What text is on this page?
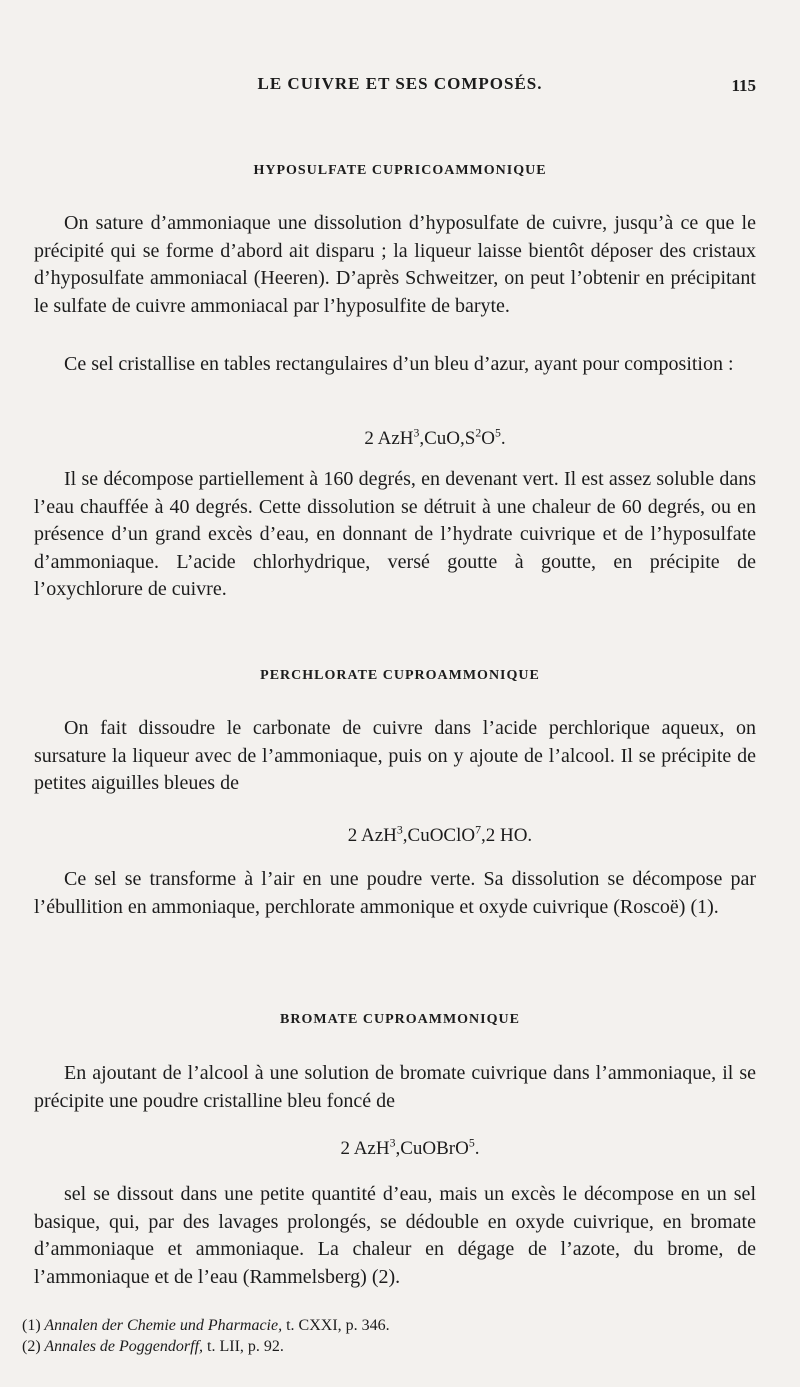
LE CUIVRE ET SES COMPOSÉS.	115
HYPOSULFATE CUPRICOAMMONIQUE

On sature d’ammoniaque une dissolution d’hyposulfate de cuivre, jusqu’à ce que le précipité qui se forme d’abord ait disparu ; la liqueur laisse bientôt déposer des cristaux d’hyposulfate ammoniacal (Heeren). D’après Schweitzer, on peut l’obtenir en précipitant le sulfate de cuivre ammoniacal par l’hyposulfite de baryte.

Ce sel cristallise en tables rectangulaires d’un bleu d’azur, ayant pour composition :

2 $AzH^3,CuO,S^2O^5$.

Il se décompose partiellement à 160 degrés, en devenant vert. Il est assez soluble dans l’eau chauffée à 40 degrés. Cette dissolution se détruit à une chaleur de 60 degrés, ou en présence d’un grand excès d’eau, en donnant de l’hydrate cuivrique et de l’hyposulfate d’ammoniaque. L’acide chlorhydrique, versé goutte à goutte, en précipite de l’oxychlorure de cuivre.

PERCHLORATE CUPROAMMONIQUE

On fait dissoudre le carbonate de cuivre dans l’acide perchlorique aqueux, on sursature la liqueur avec de l’ammoniaque, puis on y ajoute de l’alcool. Il se précipite de petites aiguilles bleues de

2 AzH$^3$,CuOClO$^7$,2 HO.

Ce sel se transforme à l’air en une poudre verte. Sa dissolution se décompose par l’ébullition en ammoniaque, perchlorate ammonique et oxyde cuivrique (Roscoë) (1).

BROMATE CUPROAMMONIQUE

En ajoutant de l’alcool à une solution de bromate cuivrique dans l’ammoniaque, il se précipite une poudre cristalline bleu foncé de

2 AzH$^3$,CuOBrO$^5$.

sel se dissout dans une petite quantité d’eau, mais un excès le décompose en un sel basique, qui, par des lavages prolongés, se dédouble en oxyde cuivrique, en bromate d’ammoniaque et ammoniaque. La chaleur en dégage de l’azote, du brome, de l’ammoniaque et de l’eau (Rammelsberg) (2).

(1) Annalen der Chemie und Pharmacie, t. CXXI, p. 346.
(2) Annales de Poggendorff, t. LII, p. 92.
